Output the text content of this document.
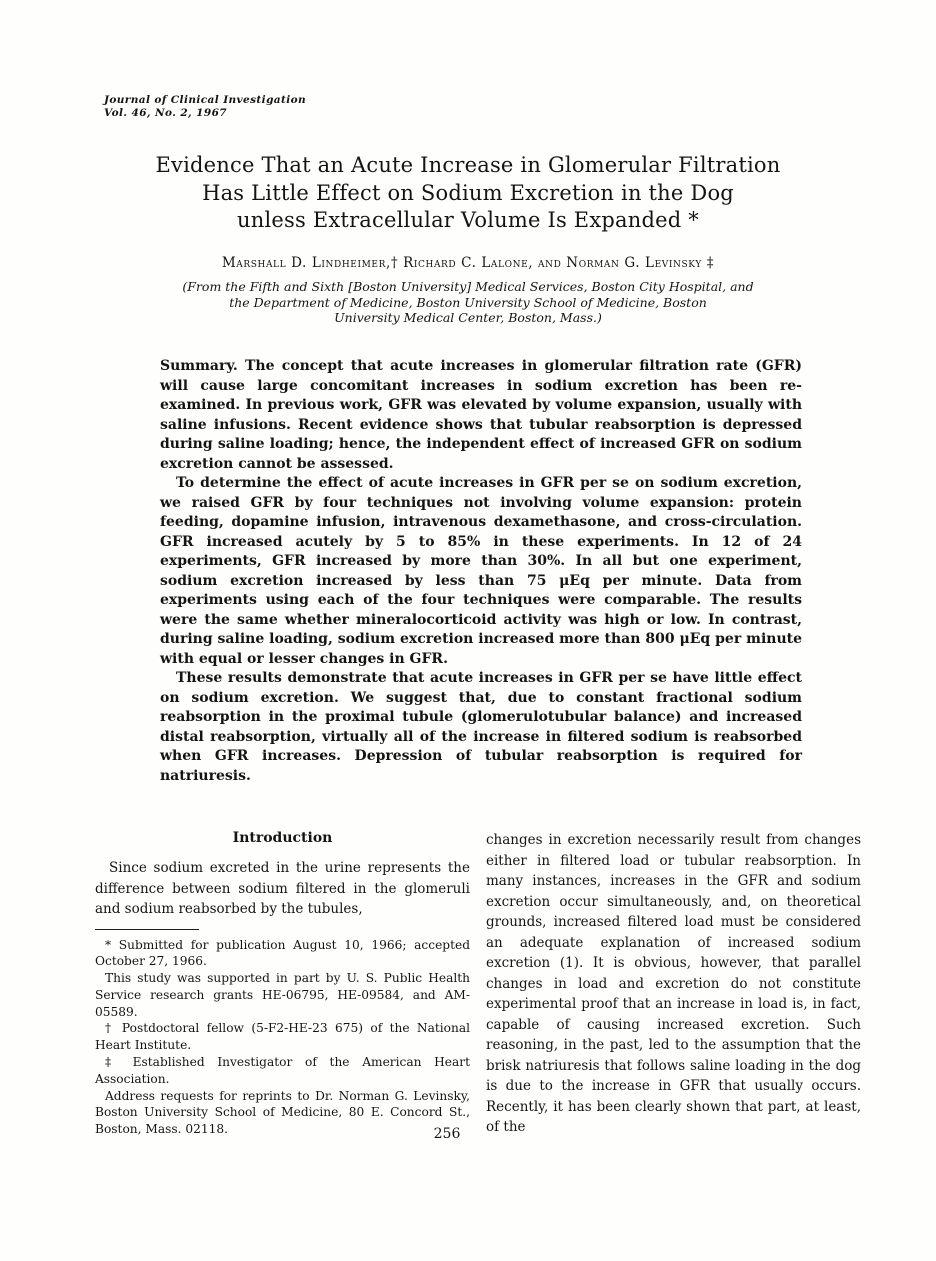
Journal of Clinical Investigation
Vol. 46, No. 2, 1967
Evidence That an Acute Increase in Glomerular Filtration
Has Little Effect on Sodium Excretion in the Dog
unless Extracellular Volume Is Expanded *
Marshall D. Lindheimer,† Richard C. Lalone, and Norman G. Levinsky ‡
(From the Fifth and Sixth [Boston University] Medical Services, Boston City Hospital, and
the Department of Medicine, Boston University School of Medicine, Boston
University Medical Center, Boston, Mass.)

Summary. The concept that acute increases in glomerular filtration rate (GFR) will cause large concomitant increases in sodium excretion has been re-examined. In previous work, GFR was elevated by volume expansion, usually with saline infusions. Recent evidence shows that tubular reabsorption is depressed during saline loading; hence, the independent effect of increased GFR on sodium excretion cannot be assessed.

To determine the effect of acute increases in GFR per se on sodium excretion, we raised GFR by four techniques not involving volume expansion: protein feeding, dopamine infusion, intravenous dexamethasone, and cross-circulation. GFR increased acutely by 5 to 85% in these experiments. In 12 of 24 experiments, GFR increased by more than 30%. In all but one experiment, sodium excretion increased by less than 75 μEq per minute. Data from experiments using each of the four techniques were comparable. The results were the same whether mineralocorticoid activity was high or low. In contrast, during saline loading, sodium excretion increased more than 800 μEq per minute with equal or lesser changes in GFR.

These results demonstrate that acute increases in GFR per se have little effect on sodium excretion. We suggest that, due to constant fractional sodium reabsorption in the proximal tubule (glomerulotubular balance) and increased distal reabsorption, virtually all of the increase in filtered sodium is reabsorbed when GFR increases. Depression of tubular reabsorption is required for natriuresis.

Introduction

Since sodium excreted in the urine represents the difference between sodium filtered in the glomeruli and sodium reabsorbed by the tubules,

* Submitted for publication August 10, 1966; accepted October 27, 1966.

This study was supported in part by U. S. Public Health Service research grants HE-06795, HE-09584, and AM-05589.

† Postdoctoral fellow (5-F2-HE-23 675) of the National Heart Institute.

‡ Established Investigator of the American Heart Association.

Address requests for reprints to Dr. Norman G. Levinsky, Boston University School of Medicine, 80 E. Concord St., Boston, Mass. 02118.

changes in excretion necessarily result from changes either in filtered load or tubular reabsorption. In many instances, increases in the GFR and sodium excretion occur simultaneously, and, on theoretical grounds, increased filtered load must be considered an adequate explanation of increased sodium excretion (1). It is obvious, however, that parallel changes in load and excretion do not constitute experimental proof that an increase in load is, in fact, capable of causing increased excretion. Such reasoning, in the past, led to the assumption that the brisk natriuresis that follows saline loading in the dog is due to the increase in GFR that usually occurs. Recently, it has been clearly shown that part, at least, of the

256
